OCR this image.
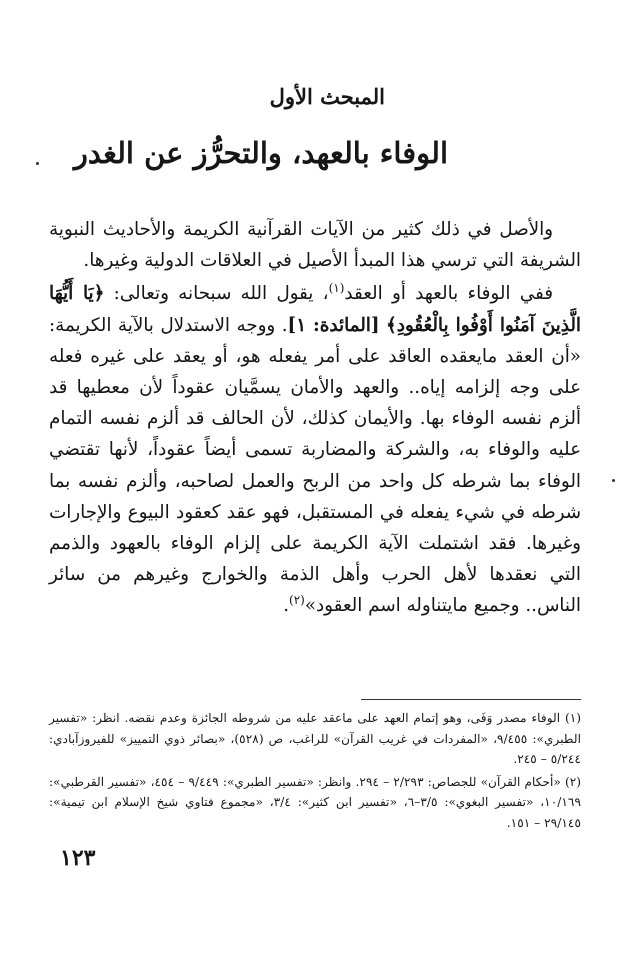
المبحث الأول
الوفاء بالعهد، والتحرُّز عن الغدر

والأصل في ذلك كثير من الآيات القرآنية الكريمة والأحاديث النبوية الشريفة التي ترسي هذا المبدأ الأصيل في العلاقات الدولية وغيرها.

ففي الوفاء بالعهد أو العقد$^{(١)}$، يقول الله سبحانه وتعالى: ﴿يَا أَيُّهَا الَّذِينَ آمَنُوا أَوْفُوا بِالْعُقُودِ﴾ [المائدة: ١]. ووجه الاستدلال بالآية الكريمة: «أن العقد مايعقده العاقد على أمر يفعله هو، أو يعقد على غيره فعله على وجه إلزامه إياه.. والعهد والأمان يسمَّيان عقوداً لأن معطيها قد ألزم نفسه الوفاء بها. والأيمان كذلك، لأن الحالف قد ألزم نفسه التمام عليه والوفاء به، والشركة والمضاربة تسمى أيضاً عقوداً، لأنها تقتضي الوفاء بما شرطه كل واحد من الربح والعمل لصاحبه، وألزم نفسه بما شرطه في شيء يفعله في المستقبل، فهو عقد كعقود البيوع والإجارات وغيرها. فقد اشتملت الآية الكريمة على إلزام الوفاء بالعهود والذمم التي نعقدها لأهل الحرب وأهل الذمة والخوارج وغيرهم من سائر الناس.. وجميع مايتناوله اسم العقود»$^{(٢)}$.

(١) الوفاء مصدر وَفَى، وهو إتمام العهد على ماعقد عليه من شروطه الجائزة وعدم نقضه. انظر: «تفسير الطبري»: ٩/٤٥٥، «المفردات في غريب القرآن» للراغب، ص (٥٢٨)، «بصائر ذوي التمييز» للفيروزآبادي: ٥/٢٤٤ – ٢٤٥.

(٢) «أحكام القرآن» للجصاص: ٢/٢٩٣ – ٢٩٤. وانظر: «تفسير الطبري»: ٩/٤٤٩ – ٤٥٤، «تفسير القرطبي»: ١٠/١٦٩، «تفسير البغوي»: ٣/٥–٦، «تفسير ابن كثير»: ٣/٤، «مجموع فتاوي شيخ الإسلام ابن تيمية»: ٢٩/١٤٥ – ١٥١.

١٢٣
